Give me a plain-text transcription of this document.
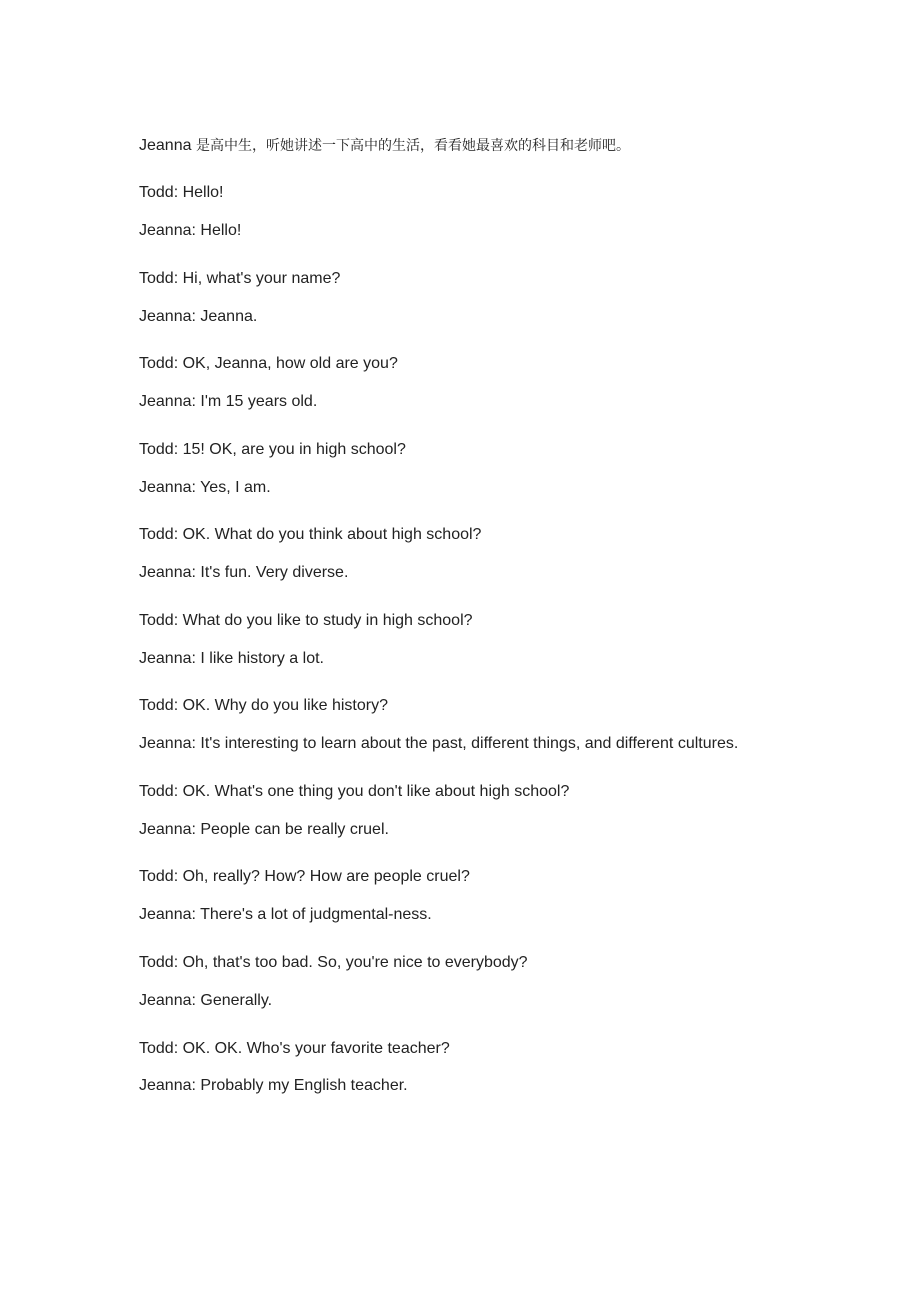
Jeanna 是高中生，听她讲述一下高中的生活，看看她最喜欢的科目和老师吧。
Todd: Hello!
Jeanna: Hello!
Todd: Hi, what's your name?
Jeanna: Jeanna.
Todd: OK, Jeanna, how old are you?
Jeanna: I'm 15 years old.
Todd: 15! OK, are you in high school?
Jeanna: Yes, I am.
Todd: OK. What do you think about high school?
Jeanna: It's fun. Very diverse.
Todd: What do you like to study in high school?
Jeanna: I like history a lot.
Todd: OK. Why do you like history?
Jeanna: It's interesting to learn about the past, different things, and different cultures.
Todd: OK. What's one thing you don't like about high school?
Jeanna: People can be really cruel.
Todd: Oh, really? How? How are people cruel?
Jeanna: There's a lot of judgmental-ness.
Todd: Oh, that's too bad. So, you're nice to everybody?
Jeanna: Generally.
Todd: OK. OK. Who's your favorite teacher?
Jeanna: Probably my English teacher.
